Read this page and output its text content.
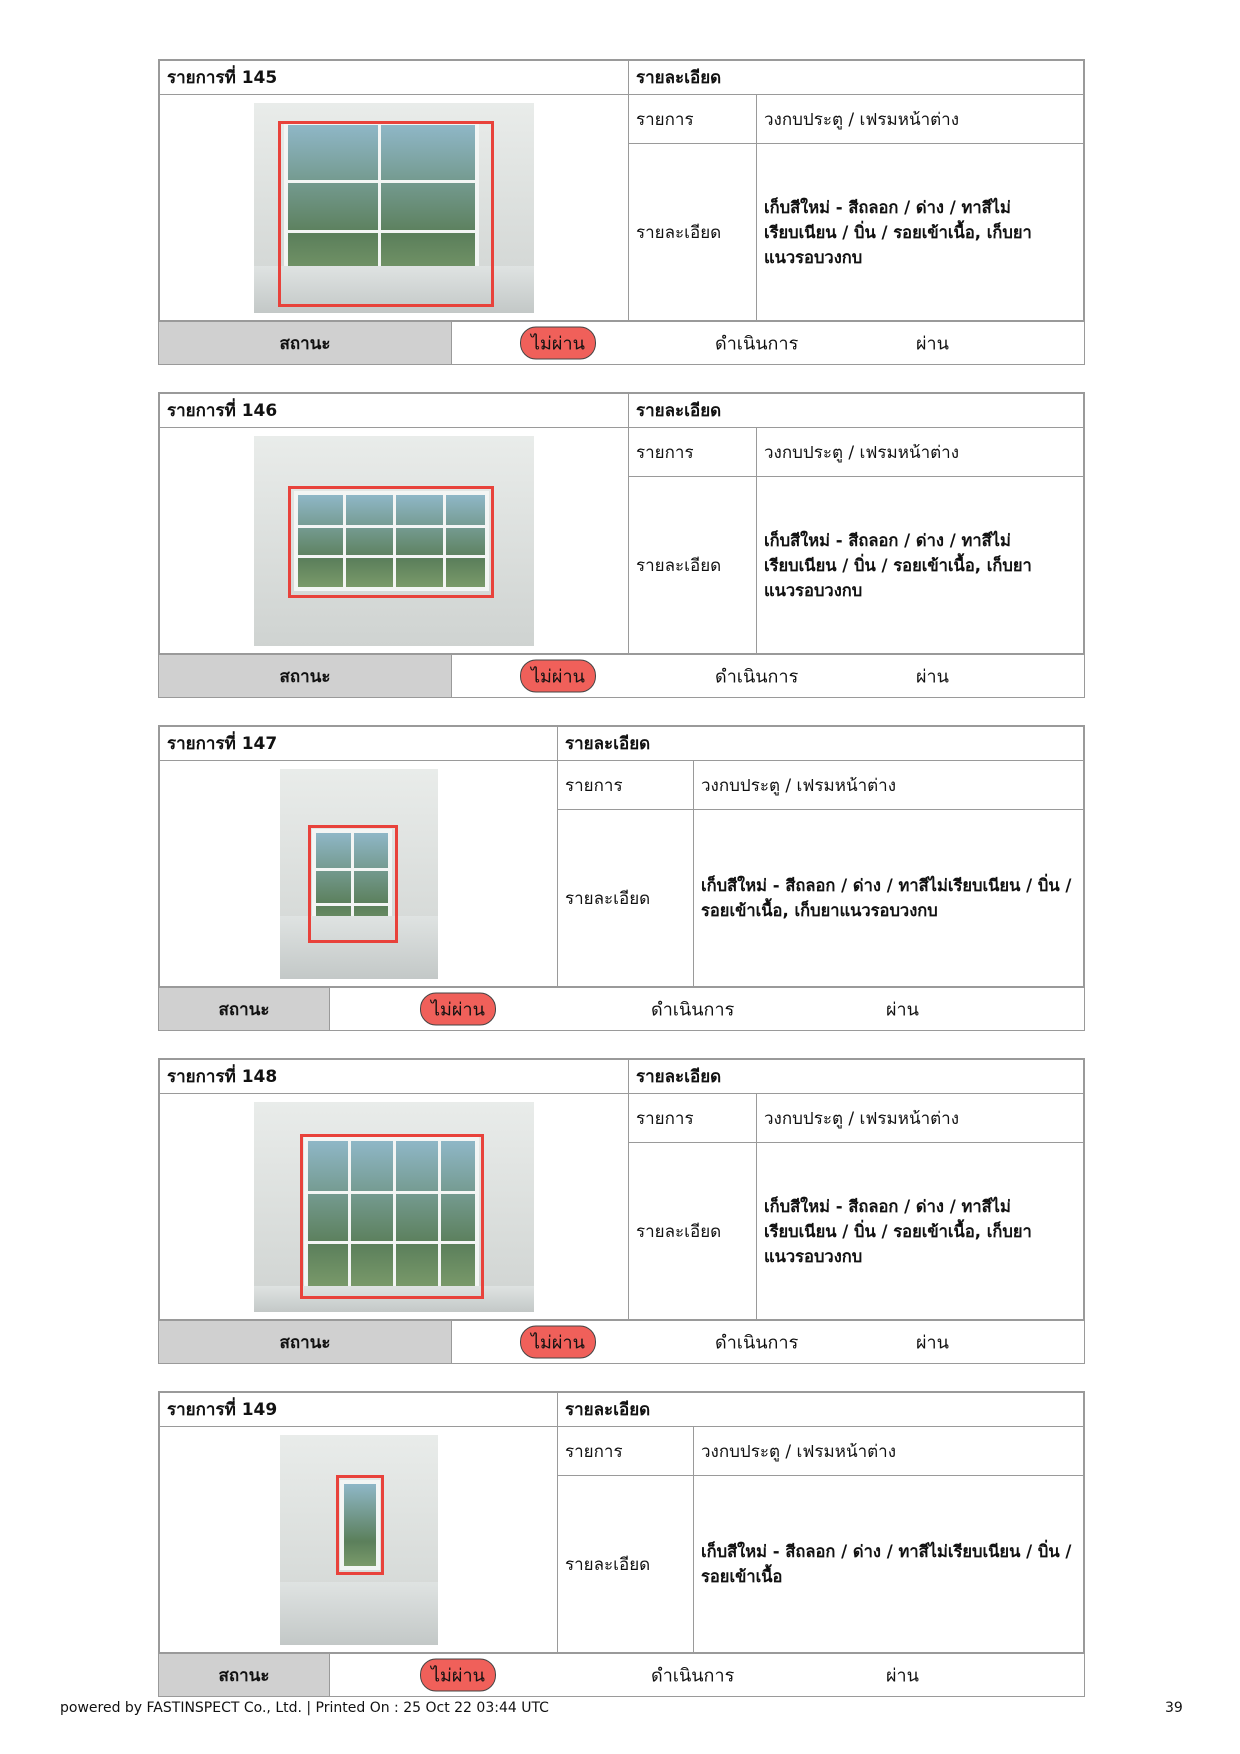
รายการที่ 145	รายละเอียด	

	รายการ	วงกบประตู / เฟรมหน้าต่าง
	รายละเอียด	เก็บสีใหม่ - สีถลอก / ด่าง / ทาสีไม่เรียบเนียน / บิ่น / รอยเข้าเนื้อ, เก็บยาแนวรอบวงกบ
สถานะ	ไม่ผ่าน	ดำเนินการ	ผ่าน
รายการที่ 146	รายละเอียด	

	รายการ	วงกบประตู / เฟรมหน้าต่าง
	รายละเอียด	เก็บสีใหม่ - สีถลอก / ด่าง / ทาสีไม่เรียบเนียน / บิ่น / รอยเข้าเนื้อ, เก็บยาแนวรอบวงกบ
สถานะ	ไม่ผ่าน	ดำเนินการ	ผ่าน
รายการที่ 147	รายละเอียด	

	รายการ	วงกบประตู / เฟรมหน้าต่าง
	รายละเอียด	เก็บสีใหม่ - สีถลอก / ด่าง / ทาสีไม่เรียบเนียน / บิ่น / รอยเข้าเนื้อ, เก็บยาแนวรอบวงกบ
สถานะ	ไม่ผ่าน	ดำเนินการ	ผ่าน
รายการที่ 148	รายละเอียด	

	รายการ	วงกบประตู / เฟรมหน้าต่าง
	รายละเอียด	เก็บสีใหม่ - สีถลอก / ด่าง / ทาสีไม่เรียบเนียน / บิ่น / รอยเข้าเนื้อ, เก็บยาแนวรอบวงกบ
สถานะ	ไม่ผ่าน	ดำเนินการ	ผ่าน
รายการที่ 149	รายละเอียด	

	รายการ	วงกบประตู / เฟรมหน้าต่าง
	รายละเอียด	เก็บสีใหม่ - สีถลอก / ด่าง / ทาสีไม่เรียบเนียน / บิ่น / รอยเข้าเนื้อ
สถานะ	ไม่ผ่าน	ดำเนินการ	ผ่าน
powered by FASTINSPECT Co., Ltd. | Printed On : 25 Oct 22 03:44 UTC	39
